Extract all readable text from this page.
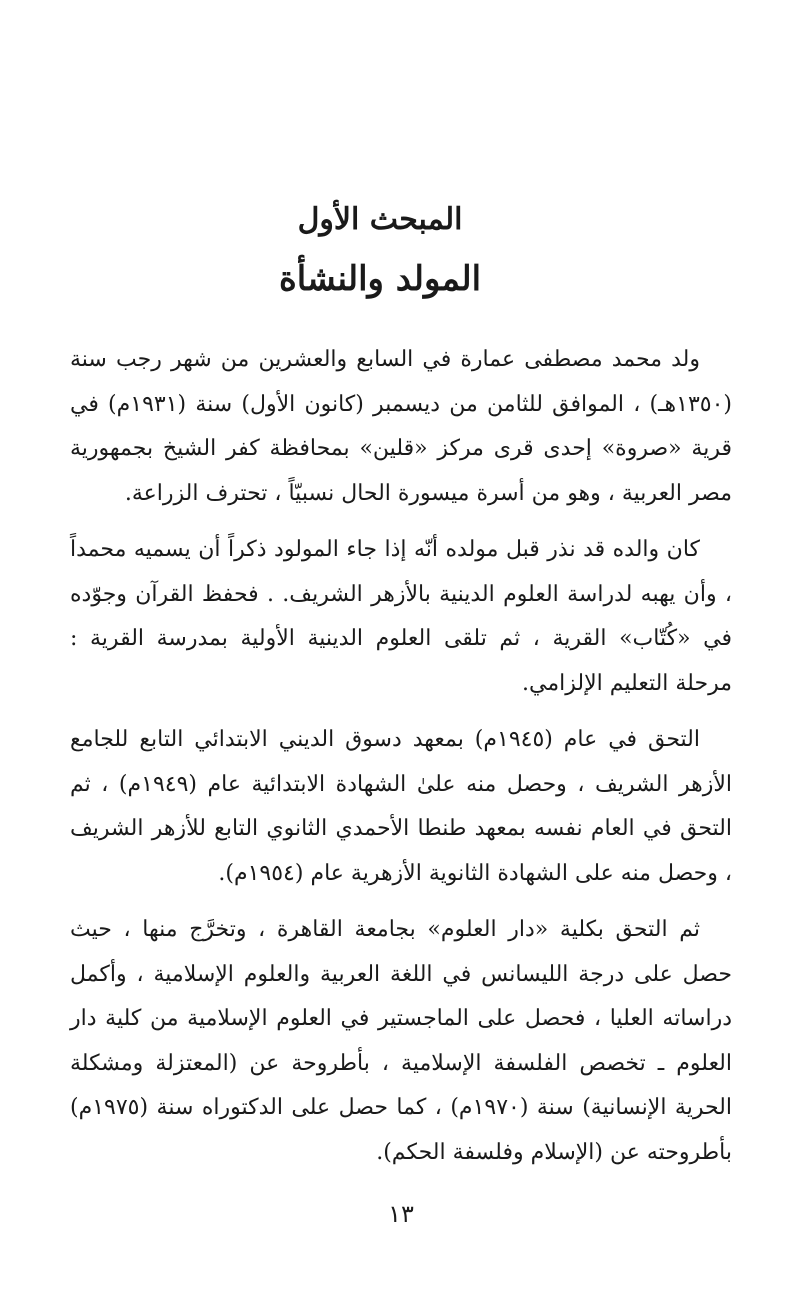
المبحث الأول
المولد والنشأة

ولد محمد مصطفى عمارة في السابع والعشرين من شهر رجب سنة (١٣٥٠هـ) ، الموافق للثامن من ديسمبر (كانون الأول) سنة (١٩٣١م) في قرية «صروة» إحدى قرى مركز «قلين» بمحافظة كفر الشيخ بجمهورية مصر العربية ، وهو من أسرة ميسورة الحال نسبيّاً ، تحترف الزراعة.

كان والده قد نذر قبل مولده أنّه إذا جاء المولود ذكراً أن يسميه محمداً ، وأن يهبه لدراسة العلوم الدينية بالأزهر الشريف. . فحفظ القرآن وجوّده في «كُتّاب» القرية ، ثم تلقى العلوم الدينية الأولية بمدرسة القرية : مرحلة التعليم الإلزامي.

التحق في عام (١٩٤٥م) بمعهد دسوق الديني الابتدائي التابع للجامع الأزهر الشريف ، وحصل منه علىٰ الشهادة الابتدائية عام (١٩٤٩م) ، ثم التحق في العام نفسه بمعهد طنطا الأحمدي الثانوي التابع للأزهر الشريف ، وحصل منه على الشهادة الثانوية الأزهرية عام (١٩٥٤م).

ثم التحق بكلية «دار العلوم» بجامعة القاهرة ، وتخرَّج منها ، حيث حصل على درجة الليسانس في اللغة العربية والعلوم الإسلامية ، وأكمل دراساته العليا ، فحصل على الماجستير في العلوم الإسلامية من كلية دار العلوم ـ تخصص الفلسفة الإسلامية ، بأطروحة عن (المعتزلة ومشكلة الحرية الإنسانية) سنة (١٩٧٠م) ، كما حصل على الدكتوراه سنة (١٩٧٥م) بأطروحته عن (الإسلام وفلسفة الحكم).

١٣
